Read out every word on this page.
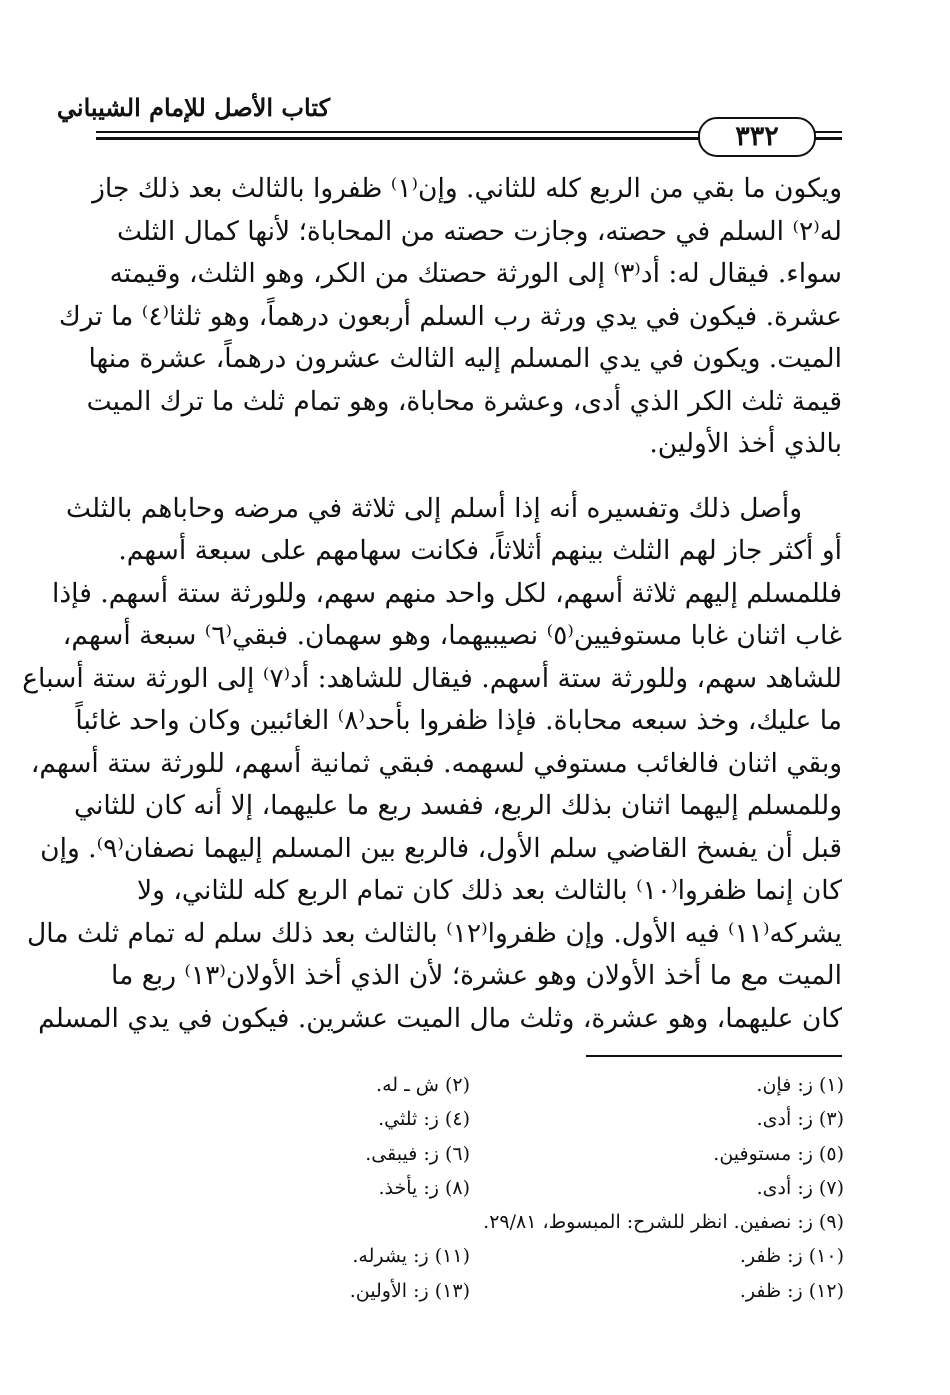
كتاب الأصل للإمام الشيباني
٣٣٢

ويكون ما بقي من الربع كله للثاني. وإن⁽١⁾ ظفروا بالثالث بعد ذلك جاز

له⁽٢⁾ السلم في حصته، وجازت حصته من المحاباة؛ لأنها كمال الثلث

سواء. فيقال له: أد⁽٣⁾ إلى الورثة حصتك من الكر، وهو الثلث، وقيمته

عشرة. فيكون في يدي ورثة رب السلم أربعون درهماً، وهو ثلثا⁽٤⁾ ما ترك

الميت. ويكون في يدي المسلم إليه الثالث عشرون درهماً، عشرة منها

قيمة ثلث الكر الذي أدى، وعشرة محاباة، وهو تمام ثلث ما ترك الميت

بالذي أخذ الأولين.

وأصل ذلك وتفسيره أنه إذا أسلم إلى ثلاثة في مرضه وحاباهم بالثلث

أو أكثر جاز لهم الثلث بينهم أثلاثاً، فكانت سهامهم على سبعة أسهم.

فللمسلم إليهم ثلاثة أسهم، لكل واحد منهم سهم، وللورثة ستة أسهم. فإذا

غاب اثنان غابا مستوفيين⁽٥⁾ نصيبيهما، وهو سهمان. فبقي⁽٦⁾ سبعة أسهم،

للشاهد سهم، وللورثة ستة أسهم. فيقال للشاهد: أد⁽٧⁾ إلى الورثة ستة أسباع

ما عليك، وخذ سبعه محاباة. فإذا ظفروا بأحد⁽٨⁾ الغائبين وكان واحد غائباً

وبقي اثنان فالغائب مستوفي لسهمه. فبقي ثمانية أسهم، للورثة ستة أسهم،

وللمسلم إليهما اثنان بذلك الربع، ففسد ربع ما عليهما، إلا أنه كان للثاني

قبل أن يفسخ القاضي سلم الأول، فالربع بين المسلم إليهما نصفان⁽٩⁾. وإن

كان إنما ظفروا⁽١٠⁾ بالثالث بعد ذلك كان تمام الربع كله للثاني، ولا

يشركه⁽١١⁾ فيه الأول. وإن ظفروا⁽١٢⁾ بالثالث بعد ذلك سلم له تمام ثلث مال

الميت مع ما أخذ الأولان وهو عشرة؛ لأن الذي أخذ الأولان⁽١٣⁾ ربع ما

كان عليهما، وهو عشرة، وثلث مال الميت عشرين. فيكون في يدي المسلم

(١) ز: فإن.
(٢) ش ـ له.
(٣) ز: أدى.
(٤) ز: ثلثي.
(٥) ز: مستوفين.
(٦) ز: فيبقى.
(٧) ز: أدى.
(٨) ز: يأخذ.
(٩) ز: نصفين. انظر للشرح: المبسوط، ٢٩/٨١.
(١٠) ز: ظفر.
(١١) ز: يشرله.
(١٢) ز: ظفر.
(١٣) ز: الأولين.
